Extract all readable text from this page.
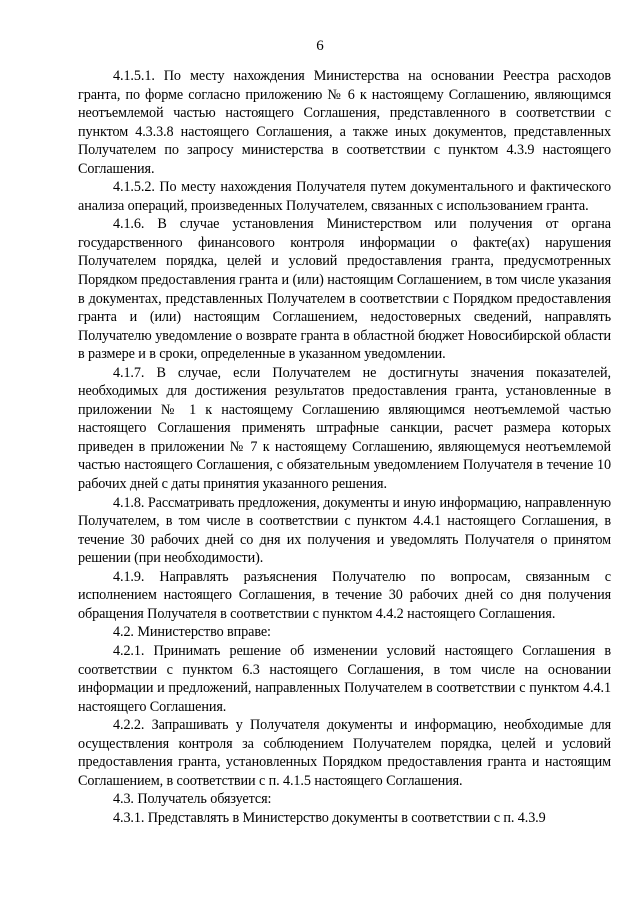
6

4.1.5.1. По месту нахождения Министерства на основании Реестра расходов гранта, по форме согласно приложению № 6 к настоящему Соглашению, являющимся неотъемлемой частью настоящего Соглашения, представленного в соответствии с пунктом 4.3.3.8 настоящего Соглашения, а также иных документов, представленных Получателем по запросу министерства в соответствии с пунктом 4.3.9 настоящего Соглашения.

4.1.5.2. По месту нахождения Получателя путем документального и фактического анализа операций, произведенных Получателем, связанных с использованием гранта.

4.1.6. В случае установления Министерством или получения от органа государственного финансового контроля информации о факте(ах) нарушения Получателем порядка, целей и условий предоставления гранта, предусмотренных Порядком предоставления гранта и (или) настоящим Соглашением, в том числе указания в документах, представленных Получателем в соответствии с Порядком предоставления гранта и (или) настоящим Соглашением, недостоверных сведений, направлять Получателю уведомление о возврате гранта в областной бюджет Новосибирской области в размере и в сроки, определенные в указанном уведомлении.

4.1.7. В случае, если Получателем не достигнуты значения показателей, необходимых для достижения результатов предоставления гранта, установленные в приложении № 1 к настоящему Соглашению являющимся неотъемлемой частью настоящего Соглашения применять штрафные санкции, расчет размера которых приведен в приложении № 7 к настоящему Соглашению, являющемуся неотъемлемой частью настоящего Соглашения, с обязательным уведомлением Получателя в течение 10 рабочих дней с даты принятия указанного решения.

4.1.8. Рассматривать предложения, документы и иную информацию, направленную Получателем, в том числе в соответствии с пунктом 4.4.1 настоящего Соглашения, в течение 30 рабочих дней со дня их получения и уведомлять Получателя о принятом решении (при необходимости).

4.1.9. Направлять разъяснения Получателю по вопросам, связанным с исполнением настоящего Соглашения, в течение 30 рабочих дней со дня получения обращения Получателя в соответствии с пунктом 4.4.2 настоящего Соглашения.

4.2. Министерство вправе:

4.2.1. Принимать решение об изменении условий настоящего Соглашения в соответствии с пунктом 6.3 настоящего Соглашения, в том числе на основании информации и предложений, направленных Получателем в соответствии с пунктом 4.4.1 настоящего Соглашения.

4.2.2. Запрашивать у Получателя документы и информацию, необходимые для осуществления контроля за соблюдением Получателем порядка, целей и условий предоставления гранта, установленных Порядком предоставления гранта и настоящим Соглашением, в соответствии с п. 4.1.5 настоящего Соглашения.

4.3. Получатель обязуется:

4.3.1. Представлять в Министерство документы в соответствии с п. 4.3.9
